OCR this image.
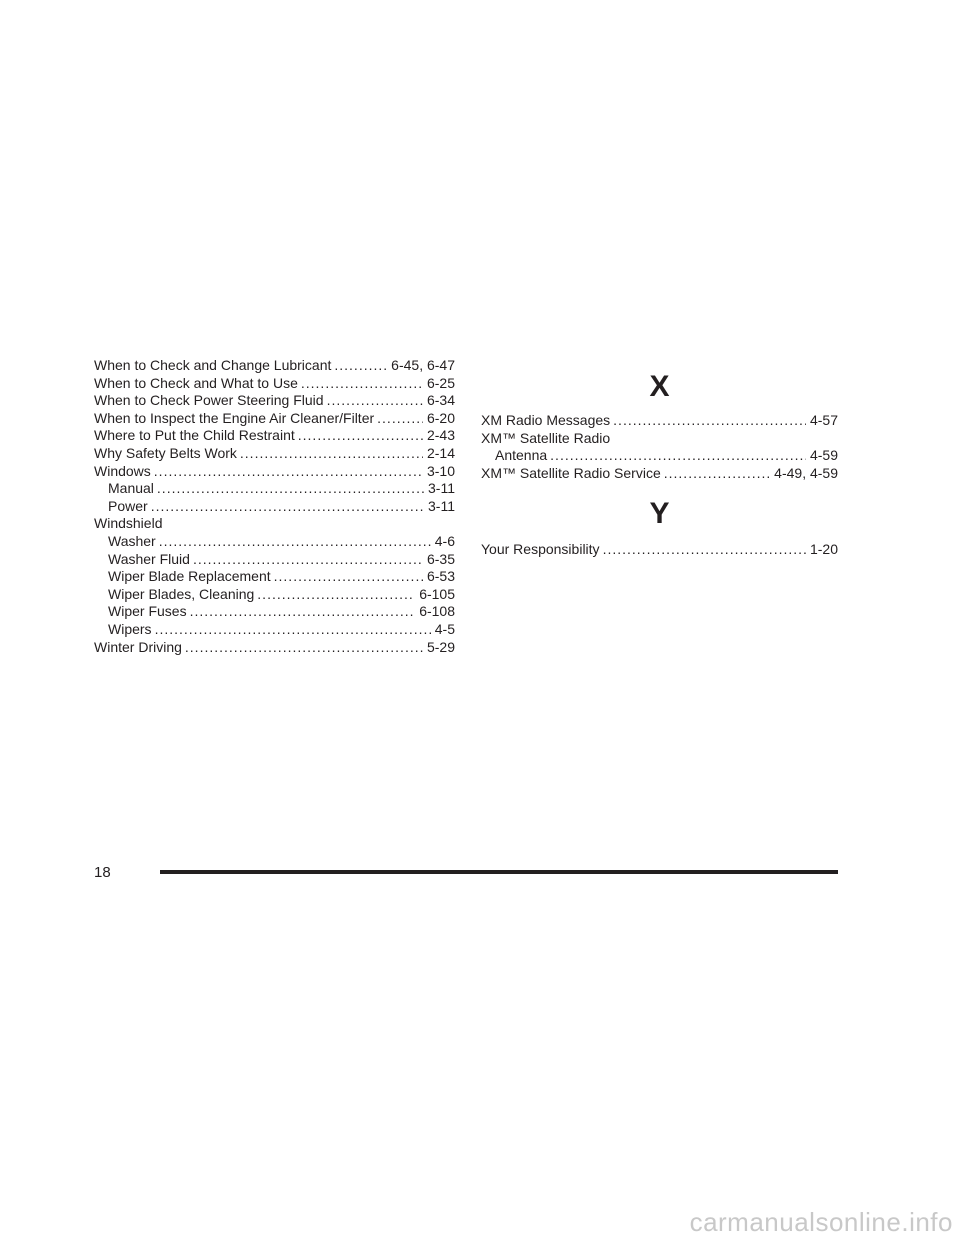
When to Check and Change Lubricant .....	6-45, 6-47
When to Check and What to Use .....	6-25
When to Check Power Steering Fluid .....	6-34
When to Inspect the Engine Air Cleaner/Filter .....	6-20
Where to Put the Child Restraint .....	2-43
Why Safety Belts Work .....	2-14
Windows .....	3-10
Manual .....	3-11
Power .....	3-11
Windshield
Washer .....	4-6
Washer Fluid .....	6-35
Wiper Blade Replacement .....	6-53
Wiper Blades, Cleaning .....	6-105
Wiper Fuses .....	6-108
Wipers .....	4-5
Winter Driving .....	5-29
X
XM Radio Messages .....	4-57
XM™ Satellite Radio
Antenna .....	4-59
XM™ Satellite Radio Service .....	4-49, 4-59
Y
Your Responsibility .....	1-20
18
carmanualsonline.info
